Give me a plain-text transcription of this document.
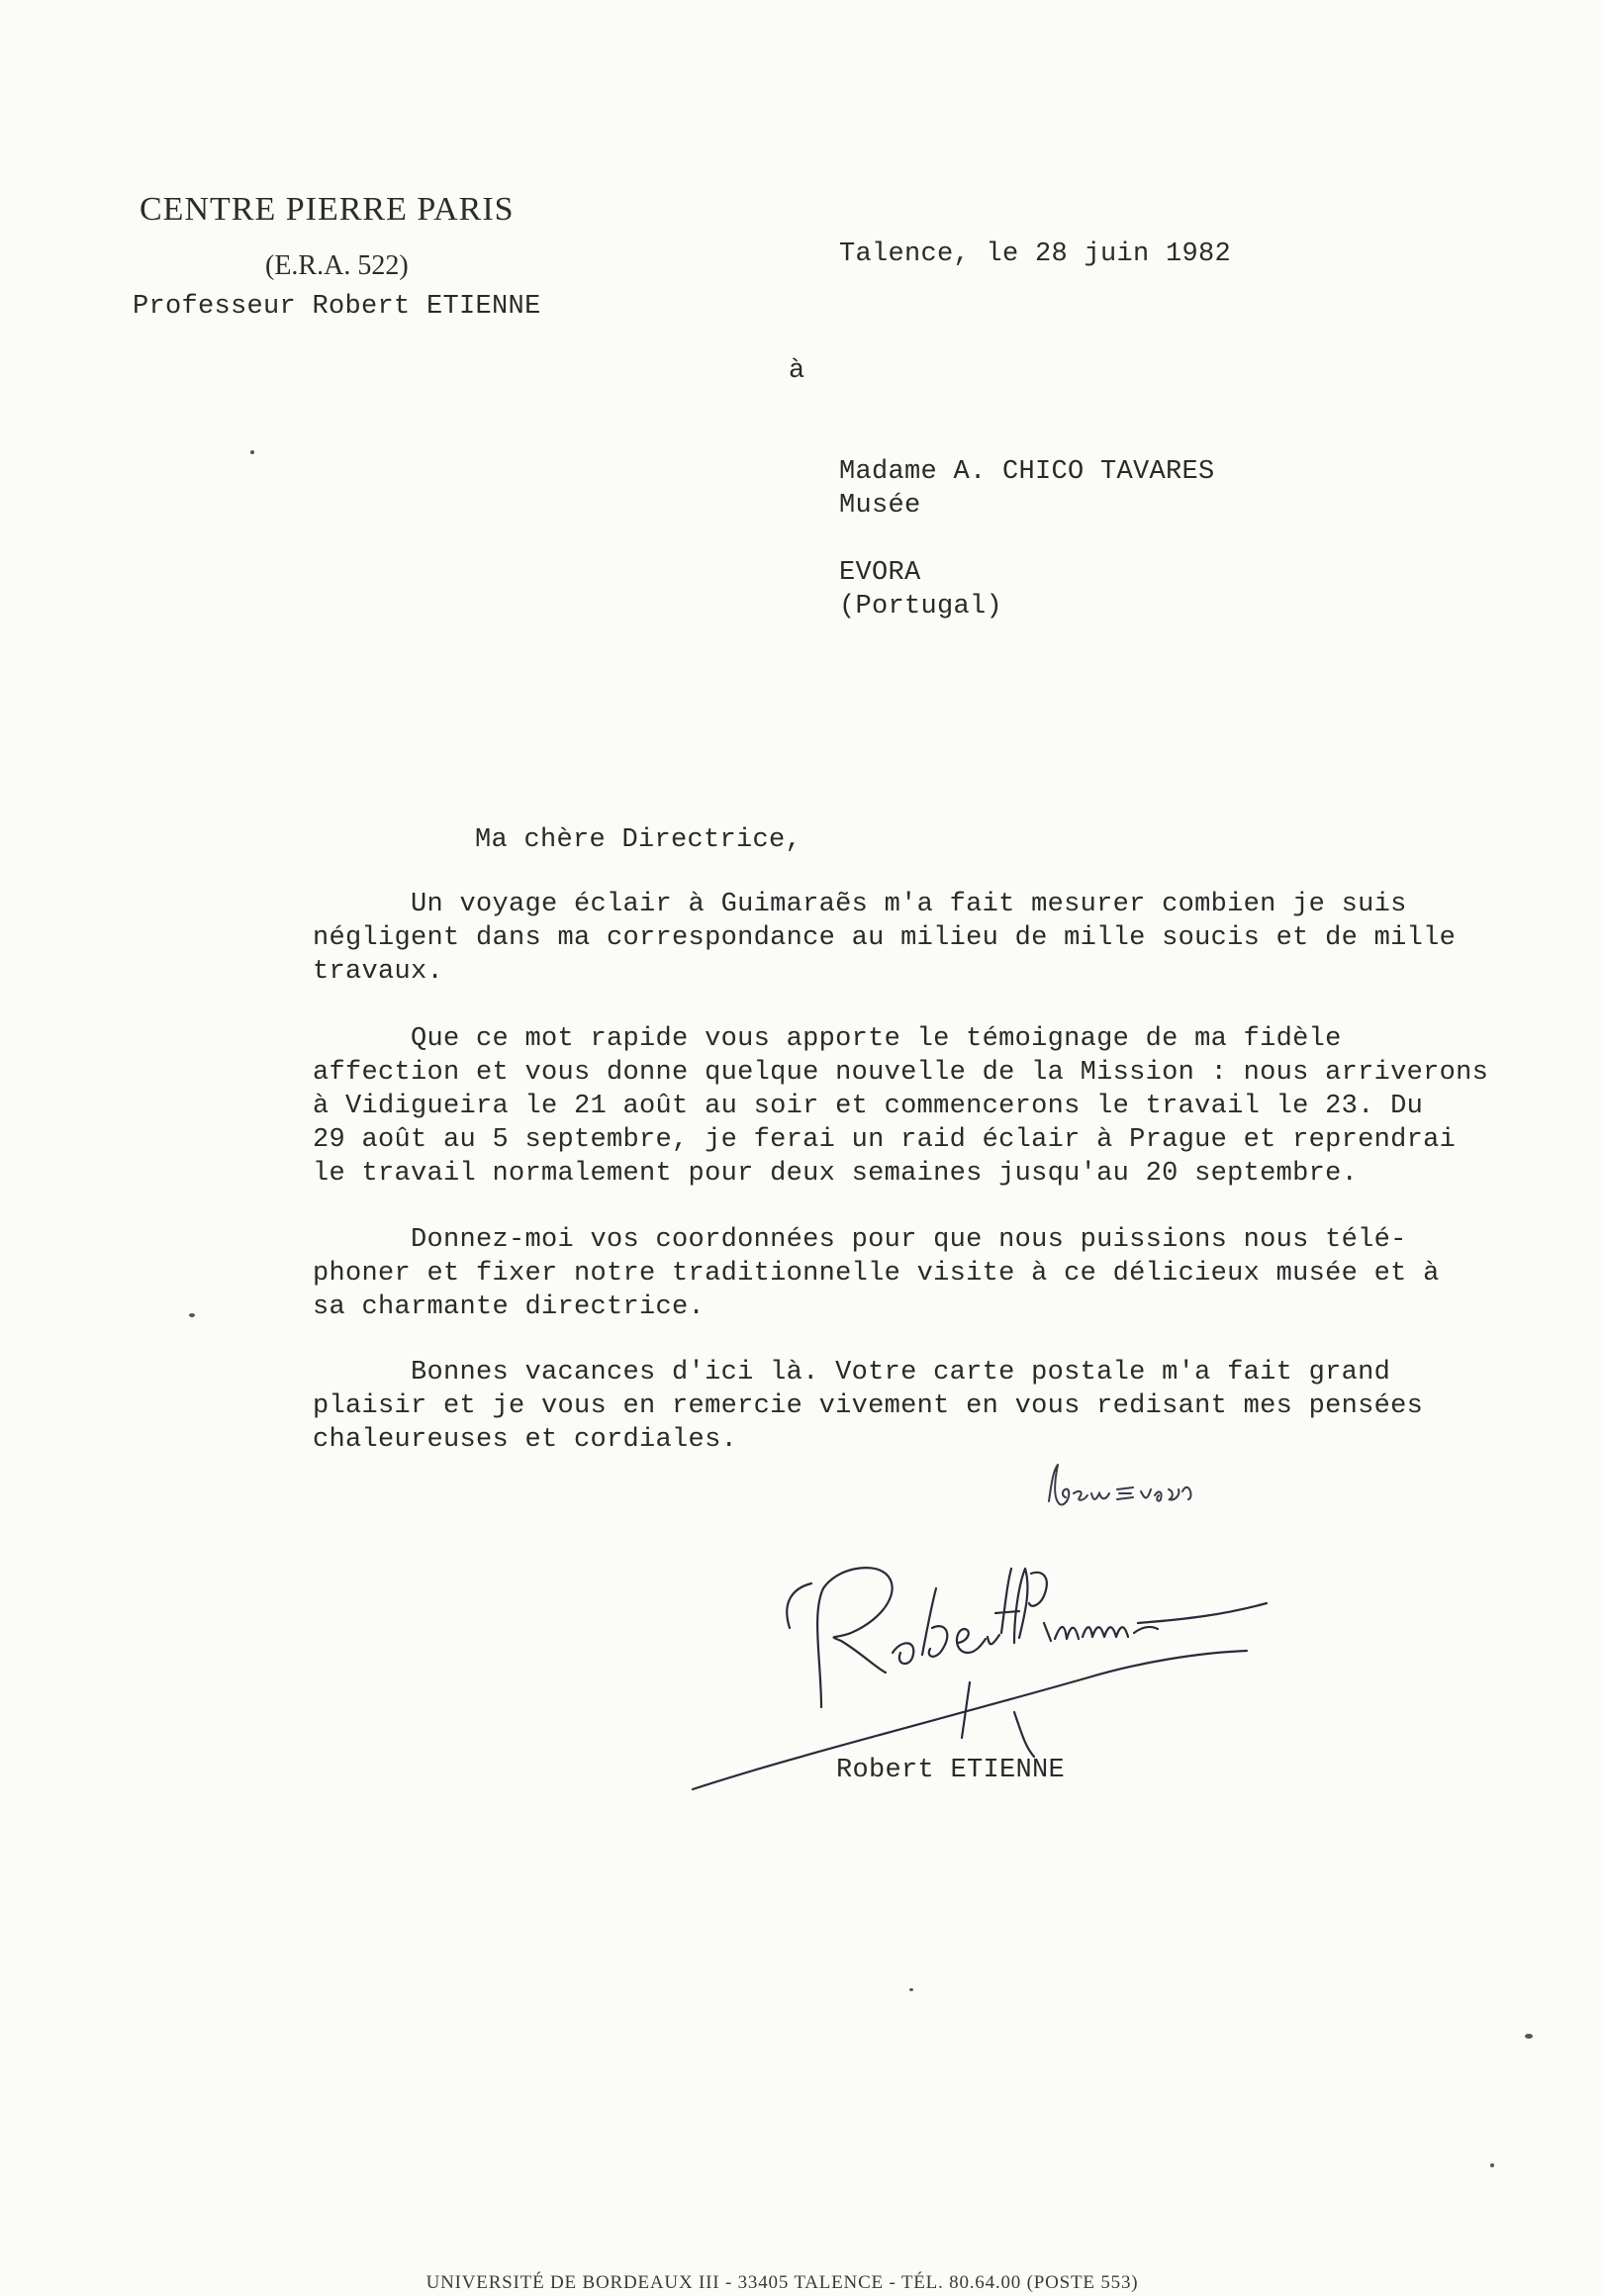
CENTRE PIERRE PARIS
(E.R.A. 522)
Professeur Robert ETIENNE
Talence, le 28 juin 1982
à
Madame A. CHICO TAVARES
Musée
EVORA
(Portugal)
Ma chère Directrice,
Un voyage éclair à Guimaraẽs m'a fait mesurer combien je suis
négligent dans ma correspondance au milieu de mille soucis et de mille
travaux.
Que ce mot rapide vous apporte le témoignage de ma fidèle
affection et vous donne quelque nouvelle de la Mission : nous arriverons
à Vidigueira le 21 août au soir et commencerons le travail le 23. Du
29 août au 5 septembre, je ferai un raid éclair à Prague et reprendrai
le travail normalement pour deux semaines jusqu'au 20 septembre.
Donnez-moi vos coordonnées pour que nous puissions nous télé-
phoner et fixer notre traditionnelle visite à ce délicieux musée et à
sa charmante directrice.
Bonnes vacances d'ici là. Votre carte postale m'a fait grand
plaisir et je vous en remercie vivement en vous redisant mes pensées
chaleureuses et cordiales.
Robert ETIENNE
UNIVERSITÉ DE BORDEAUX III - 33405 TALENCE - TÉL. 80.64.00 (POSTE 553)
